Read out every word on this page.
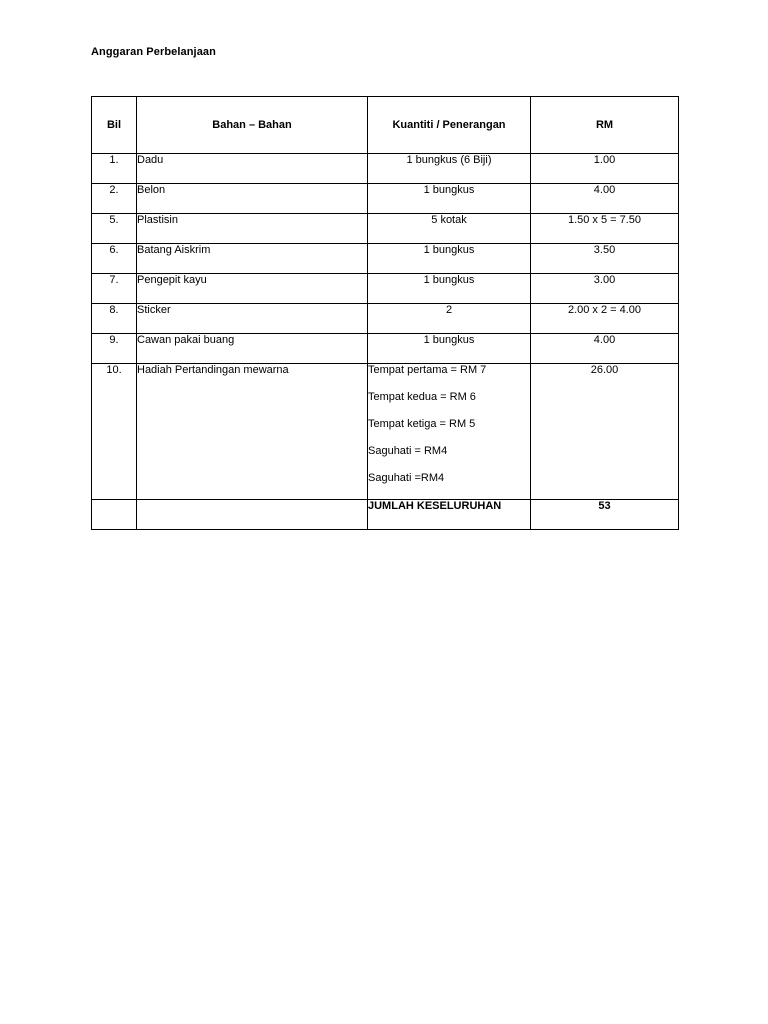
Anggaran Perbelanjaan
Bil	Bahan – Bahan	Kuantiti / Penerangan	RM
1.	Dadu	1 bungkus (6 Biji)	1.00
2.	Belon	1 bungkus	4.00
5.	Plastisin	5 kotak	1.50 x 5 = 7.50
6.	Batang Aiskrim	1 bungkus	3.50
7.	Pengepit kayu	1 bungkus	3.00
8.	Sticker	2	2.00 x 2 = 4.00
9.	Cawan pakai buang	1 bungkus	4.00
10.	Hadiah Pertandingan mewarna	Tempat pertama = RM 7
Tempat kedua = RM 6
Tempat ketiga = RM 5
Saguhati = RM4
Saguhati =RM4	26.00
		JUMLAH KESELURUHAN	53
